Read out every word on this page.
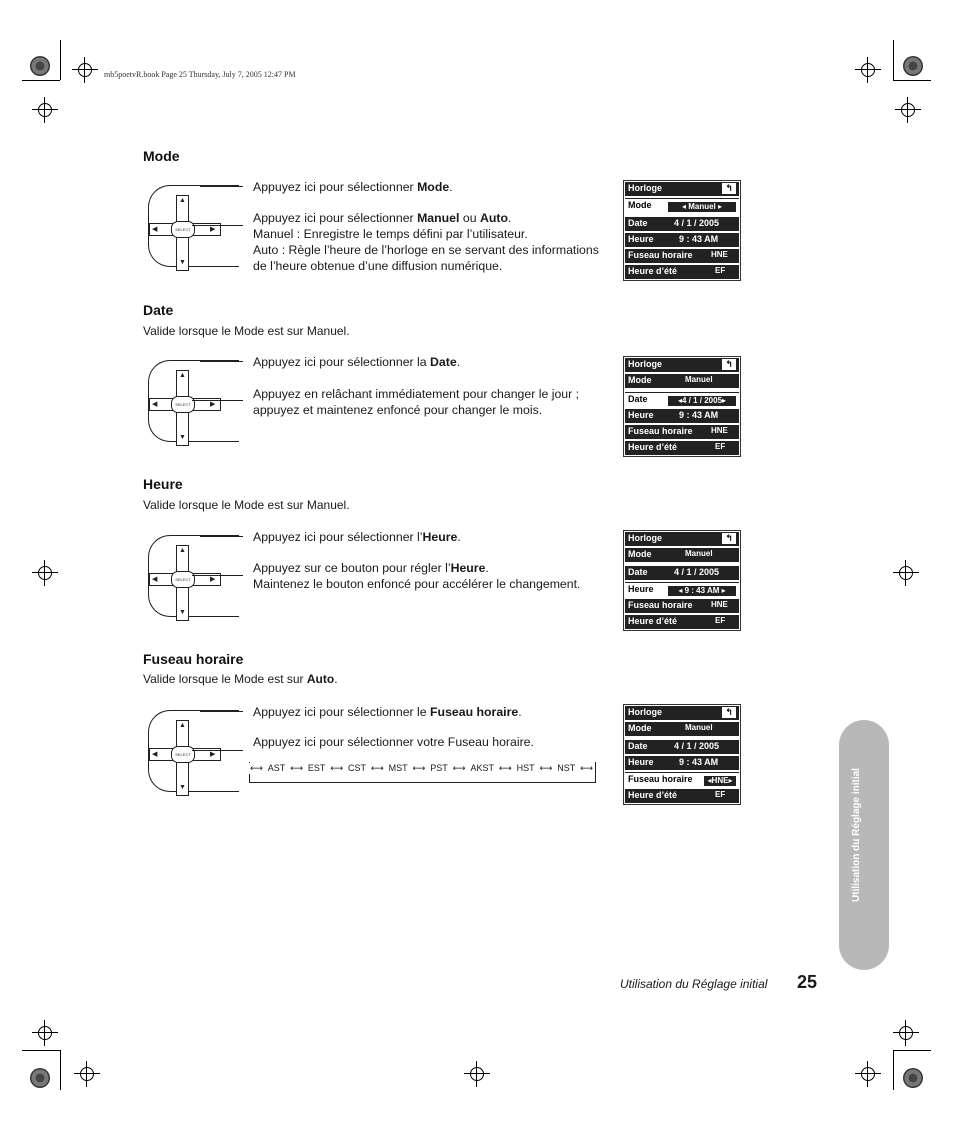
mb5poetvR.book Page 25 Thursday, July 7, 2005 12:47 PM
Mode
SELECT
▲
▼
◀	▶
Appuyez ici pour sélectionner Mode.
Appuyez ici pour sélectionner Manuel ou Auto.
Manuel : Enregistre le temps défini par l’utilisateur.
Auto : Règle l’heure de l’horloge en se servant des informations
de l’heure obtenue d’une diffusion numérique.
Horloge	↰
Mode	◂ Manuel ▸
Date	4 / 1 / 2005
Heure	9 : 43 AM
Fuseau horaire HNE
Heure d’été	EF
Date
Valide lorsque le Mode est sur Manuel.
SELECT
▲
▼
◀	▶
Appuyez ici pour sélectionner la Date.
Appuyez en relâchant immédiatement pour changer le jour ;
appuyez et maintenez enfoncé pour changer le mois.
Horloge	↰
Mode	Manuel
Date	◂4 / 1 / 2005▸
Heure	9 : 43 AM
Fuseau horaire HNE
Heure d’été	EF
Heure
Valide lorsque le Mode est sur Manuel.
SELECT
▲
▼
◀	▶
Appuyez ici pour sélectionner l’Heure.
Appuyez sur ce bouton pour régler l’Heure.
Maintenez le bouton enfoncé pour accélérer le changement.
Horloge	↰
Mode	Manuel
Date	4 / 1 / 2005
Heure	◂ 9 : 43 AM ▸
Fuseau horaire HNE
Heure d’été	EF
Fuseau horaire
Valide lorsque le Mode est sur Auto.
SELECT
▲
▼
◀	▶
Appuyez ici pour sélectionner le Fuseau horaire.
Appuyez ici pour sélectionner votre Fuseau horaire.
⟷ AST ⟷ EST ⟷ CST ⟷ MST ⟷ PST ⟷ AKST ⟷ HST ⟷ NST ⟷
Horloge	↰
Mode	Manuel
Date	4 / 1 / 2005
Heure	9 : 43 AM
Fuseau horaire	◂HNE▸
Heure d’été	EF	Utilisation du Réglage initial
Utilisation du Réglage initial 25
